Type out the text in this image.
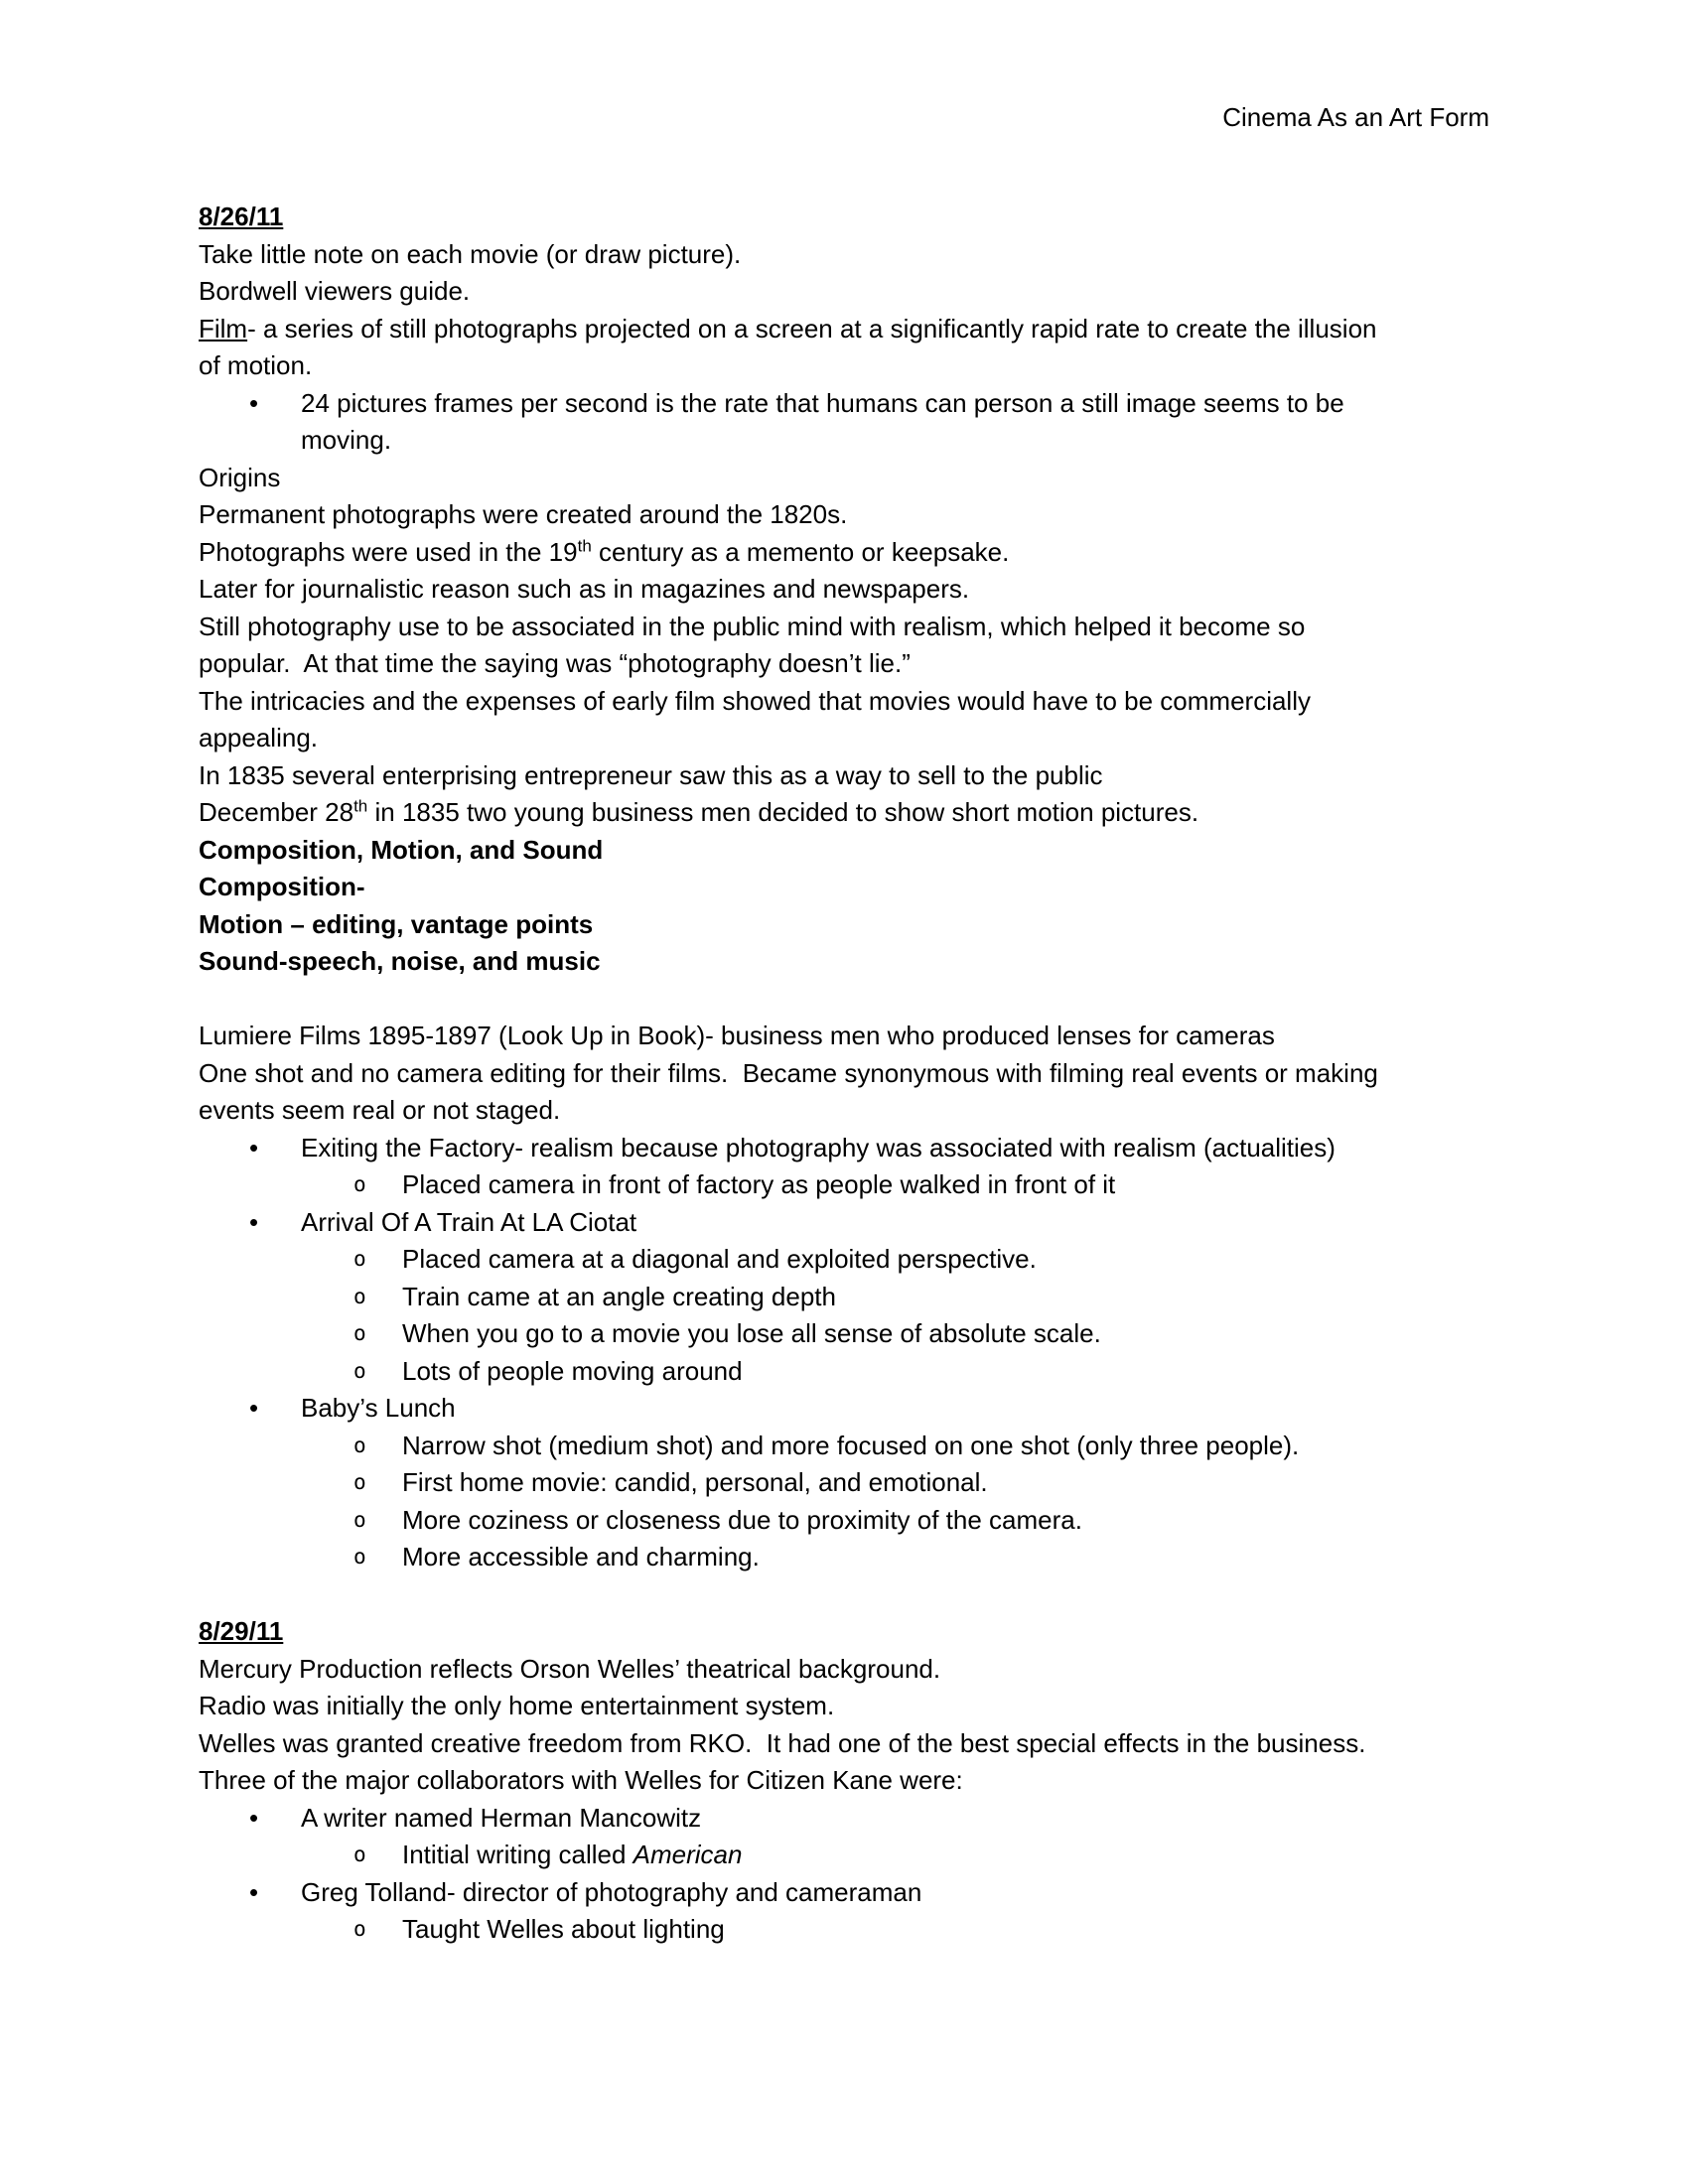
Cinema As an Art Form
8/26/11
Take little note on each movie (or draw picture).
Bordwell viewers guide.
Film- a series of still photographs projected on a screen at a significantly rapid rate to create the illusion
of motion.
• 24 pictures frames per second is the rate that humans can person a still image seems to be
moving.
Origins
Permanent photographs were created around the 1820s.
Photographs were used in the 19th century as a memento or keepsake.
Later for journalistic reason such as in magazines and newspapers.
Still photography use to be associated in the public mind with realism, which helped it become so
popular.  At that time the saying was “photography doesn’t lie.”
The intricacies and the expenses of early film showed that movies would have to be commercially
appealing.
In 1835 several enterprising entrepreneur saw this as a way to sell to the public
December 28th in 1835 two young business men decided to show short motion pictures.
Composition, Motion, and Sound
Composition-
Motion – editing, vantage points
Sound-speech, noise, and music
Lumiere Films 1895-1897 (Look Up in Book)- business men who produced lenses for cameras
One shot and no camera editing for their films.  Became synonymous with filming real events or making
events seem real or not staged.
• Exiting the Factory- realism because photography was associated with realism (actualities)
o Placed camera in front of factory as people walked in front of it
• Arrival Of A Train At LA Ciotat
o Placed camera at a diagonal and exploited perspective.
o Train came at an angle creating depth
o When you go to a movie you lose all sense of absolute scale.
o Lots of people moving around
• Baby’s Lunch
o Narrow shot (medium shot) and more focused on one shot (only three people).
o First home movie: candid, personal, and emotional.
o More coziness or closeness due to proximity of the camera.
o More accessible and charming.
8/29/11
Mercury Production reflects Orson Welles’ theatrical background.
Radio was initially the only home entertainment system.
Welles was granted creative freedom from RKO.  It had one of the best special effects in the business.
Three of the major collaborators with Welles for Citizen Kane were:
• A writer named Herman Mancowitz
o Intitial writing called American
• Greg Tolland- director of photography and cameraman
o Taught Welles about lighting
